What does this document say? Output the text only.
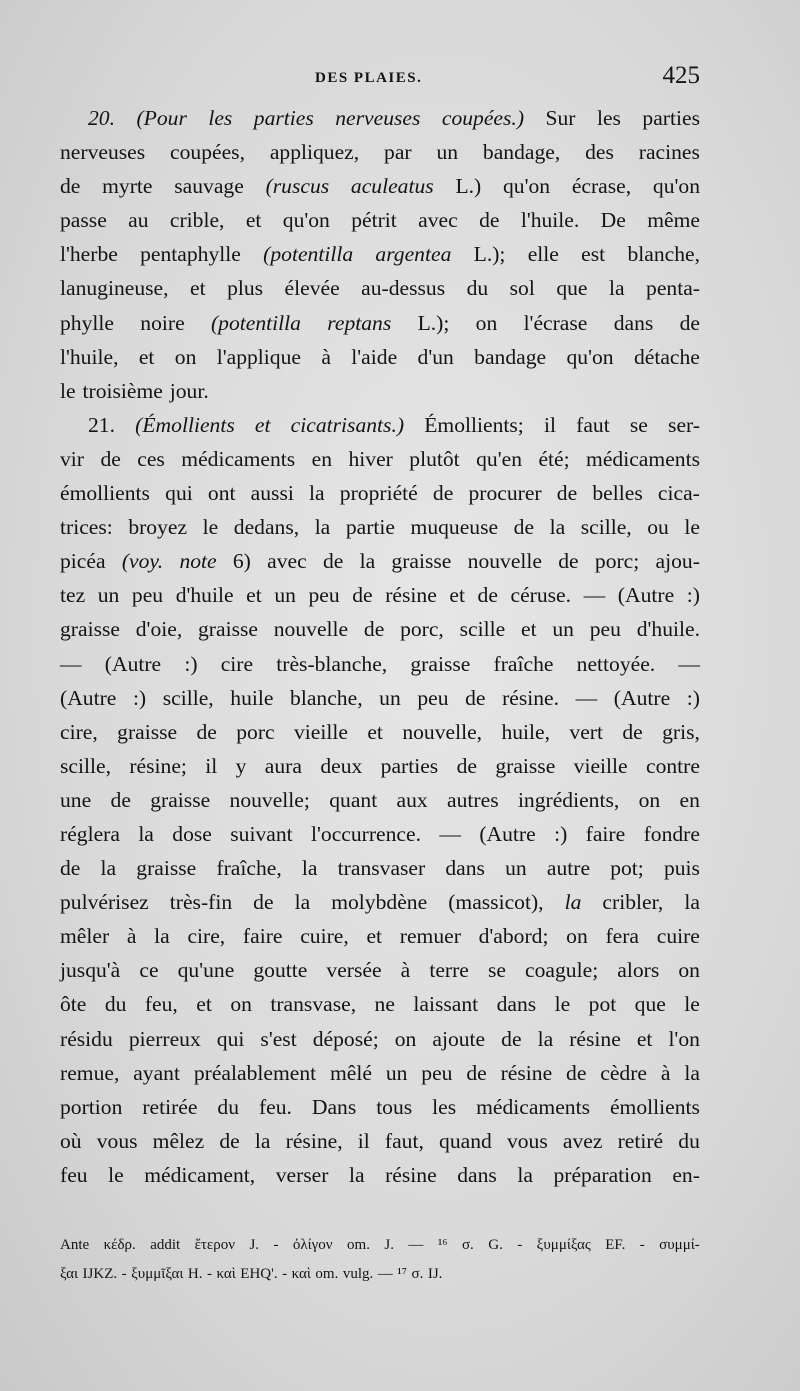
DES PLAIES.	425
20. (Pour les parties nerveuses coupées.) Sur les parties
nerveuses coupées, appliquez, par un bandage, des racines
de myrte sauvage (ruscus aculeatus L.) qu'on écrase, qu'on
passe au crible, et qu'on pétrit avec de l'huile. De même
l'herbe pentaphylle (potentilla argentea L.); elle est blanche,
lanugineuse, et plus élevée au-dessus du sol que la penta-
phylle noire (potentilla reptans L.); on l'écrase dans de
l'huile, et on l'applique à l'aide d'un bandage qu'on détache
le troisième jour.
21. (Émollients et cicatrisants.) Émollients; il faut se ser-
vir de ces médicaments en hiver plutôt qu'en été; médicaments
émollients qui ont aussi la propriété de procurer de belles cica-
trices: broyez le dedans, la partie muqueuse de la scille, ou le
picéa (voy. note 6) avec de la graisse nouvelle de porc; ajou-
tez un peu d'huile et un peu de résine et de céruse. — (Autre :)
graisse d'oie, graisse nouvelle de porc, scille et un peu d'huile.
— (Autre :) cire très-blanche, graisse fraîche nettoyée. —
(Autre :) scille, huile blanche, un peu de résine. — (Autre :)
cire, graisse de porc vieille et nouvelle, huile, vert de gris,
scille, résine; il y aura deux parties de graisse vieille contre
une de graisse nouvelle; quant aux autres ingrédients, on en
réglera la dose suivant l'occurrence. — (Autre :) faire fondre
de la graisse fraîche, la transvaser dans un autre pot; puis
pulvérisez très-fin de la molybdène (massicot), la cribler, la
mêler à la cire, faire cuire, et remuer d'abord; on fera cuire
jusqu'à ce qu'une goutte versée à terre se coagule; alors on
ôte du feu, et on transvase, ne laissant dans le pot que le
résidu pierreux qui s'est déposé; on ajoute de la résine et l'on
remue, ayant préalablement mêlé un peu de résine de cèdre à la
portion retirée du feu. Dans tous les médicaments émollients
où vous mêlez de la résine, il faut, quand vous avez retiré du
feu le médicament, verser la résine dans la préparation en-
Ante κέδρ. addit ἕτερον J. - ὀλίγον om. J. — ¹⁶ σ. G. - ξυμμίξας EF. - συμμί-
ξαι IJKZ. - ξυμμῖξαι H. - καὶ EHQ'. - καὶ om. vulg. — ¹⁷ σ. IJ.
